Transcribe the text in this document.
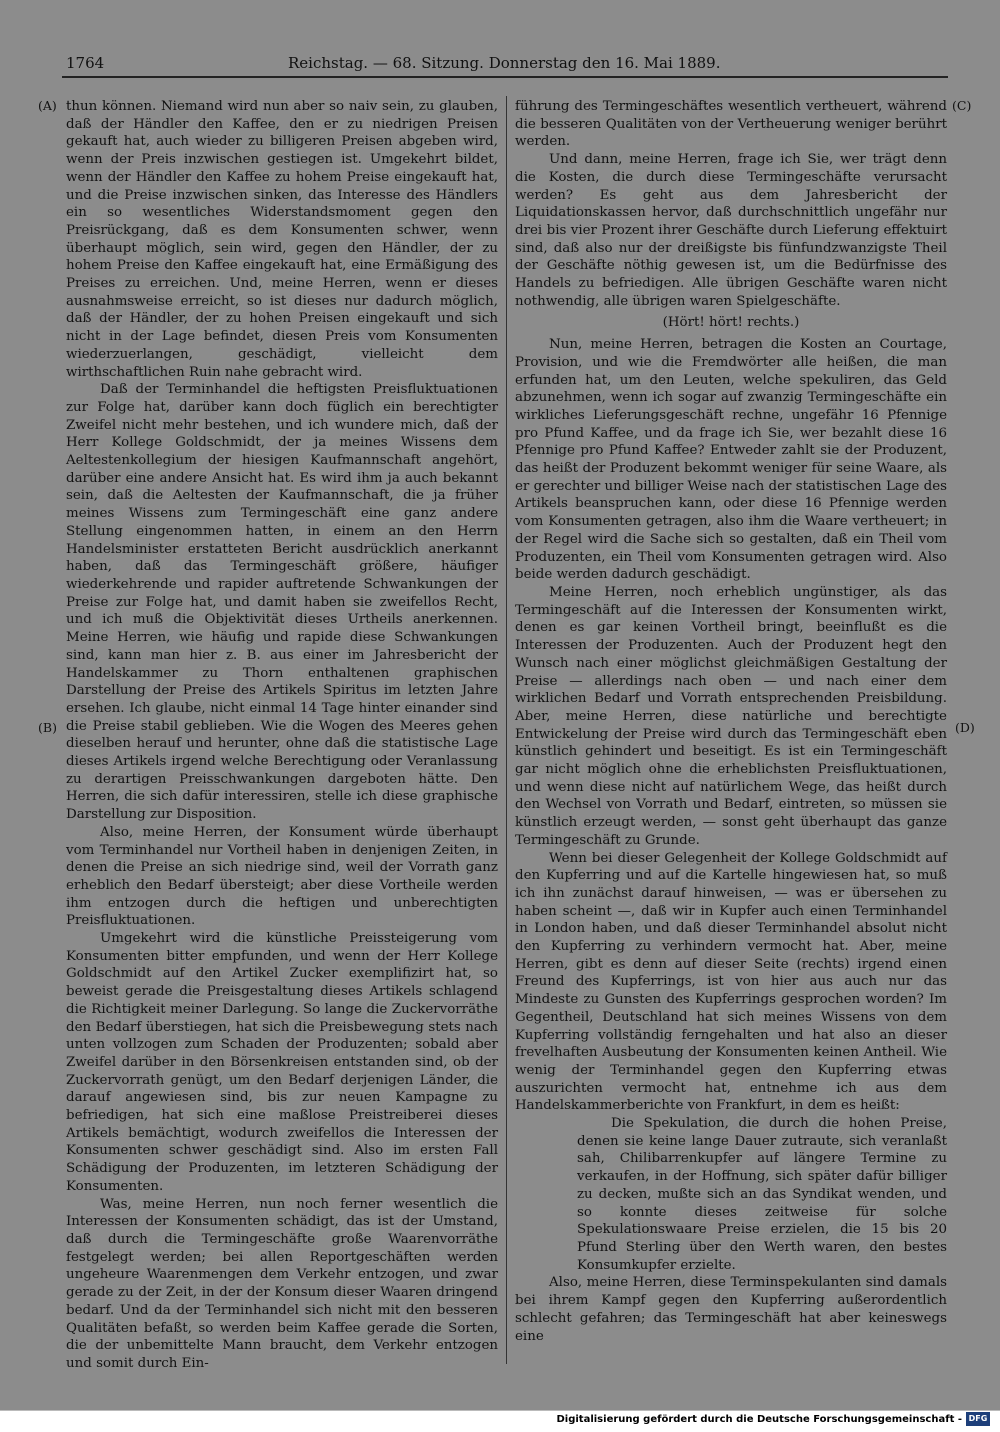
1764	Reichstag. — 68. Sitzung. Donnerstag den 16. Mai 1889.
(A)
(B)
(C)
(D)

thun können. Niemand wird nun aber so naiv sein, zu glauben, daß der Händler den Kaffee, den er zu niedrigen Preisen gekauft hat, auch wieder zu billigeren Preisen abgeben wird, wenn der Preis inzwischen gestiegen ist. Umgekehrt bildet, wenn der Händler den Kaffee zu hohem Preise eingekauft hat, und die Preise inzwischen sinken, das Interesse des Händlers ein so wesentliches Widerstandsmoment gegen den Preisrückgang, daß es dem Konsumenten schwer, wenn überhaupt möglich, sein wird, gegen den Händler, der zu hohem Preise den Kaffee eingekauft hat, eine Ermäßigung des Preises zu erreichen. Und, meine Herren, wenn er dieses ausnahmsweise erreicht, so ist dieses nur dadurch möglich, daß der Händler, der zu hohen Preisen eingekauft und sich nicht in der Lage befindet, diesen Preis vom Konsumenten wiederzuerlangen, geschädigt, vielleicht dem wirthschaftlichen Ruin nahe gebracht wird.

Daß der Terminhandel die heftigsten Preisfluktuationen zur Folge hat, darüber kann doch füglich ein berechtigter Zweifel nicht mehr bestehen, und ich wundere mich, daß der Herr Kollege Goldschmidt, der ja meines Wissens dem Aeltestenkollegium der hiesigen Kaufmannschaft angehört, darüber eine andere Ansicht hat. Es wird ihm ja auch bekannt sein, daß die Aeltesten der Kaufmannschaft, die ja früher meines Wissens zum Termingeschäft eine ganz andere Stellung eingenommen hatten, in einem an den Herrn Handelsminister erstatteten Bericht ausdrücklich anerkannt haben, daß das Termingeschäft größere, häufiger wiederkehrende und rapider auftretende Schwankungen der Preise zur Folge hat, und damit haben sie zweifellos Recht, und ich muß die Objektivität dieses Urtheils anerkennen. Meine Herren, wie häufig und rapide diese Schwankungen sind, kann man hier z. B. aus einer im Jahresbericht der Handelskammer zu Thorn enthaltenen graphischen Darstellung der Preise des Artikels Spiritus im letzten Jahre ersehen. Ich glaube, nicht einmal 14 Tage hinter einander sind die Preise stabil geblieben. Wie die Wogen des Meeres gehen dieselben herauf und herunter, ohne daß die statistische Lage dieses Artikels irgend welche Berechtigung oder Veranlassung zu derartigen Preisschwankungen dargeboten hätte. Den Herren, die sich dafür interessiren, stelle ich diese graphische Darstellung zur Disposition.

Also, meine Herren, der Konsument würde überhaupt vom Terminhandel nur Vortheil haben in denjenigen Zeiten, in denen die Preise an sich niedrige sind, weil der Vorrath ganz erheblich den Bedarf übersteigt; aber diese Vortheile werden ihm entzogen durch die heftigen und unberechtigten Preisfluktuationen.

Umgekehrt wird die künstliche Preissteigerung vom Konsumenten bitter empfunden, und wenn der Herr Kollege Goldschmidt auf den Artikel Zucker exemplifizirt hat, so beweist gerade die Preisgestaltung dieses Artikels schlagend die Richtigkeit meiner Darlegung. So lange die Zuckervorräthe den Bedarf überstiegen, hat sich die Preisbewegung stets nach unten vollzogen zum Schaden der Produzenten; sobald aber Zweifel darüber in den Börsenkreisen entstanden sind, ob der Zuckervorrath genügt, um den Bedarf derjenigen Länder, die darauf angewiesen sind, bis zur neuen Kampagne zu befriedigen, hat sich eine maßlose Preistreiberei dieses Artikels bemächtigt, wodurch zweifellos die Interessen der Konsumenten schwer geschädigt sind. Also im ersten Fall Schädigung der Produzenten, im letzteren Schädigung der Konsumenten.

Was, meine Herren, nun noch ferner wesentlich die Interessen der Konsumenten schädigt, das ist der Umstand, daß durch die Termingeschäfte große Waarenvorräthe festgelegt werden; bei allen Reportgeschäften werden ungeheure Waarenmengen dem Verkehr entzogen, und zwar gerade zu der Zeit, in der der Konsum dieser Waaren dringend bedarf. Und da der Terminhandel sich nicht mit den besseren Qualitäten befaßt, so werden beim Kaffee gerade die Sorten, die der unbemittelte Mann braucht, dem Verkehr entzogen und somit durch Ein-

führung des Termingeschäftes wesentlich vertheuert, während die besseren Qualitäten von der Vertheuerung weniger berührt werden.

Und dann, meine Herren, frage ich Sie, wer trägt denn die Kosten, die durch diese Termingeschäfte verursacht werden? Es geht aus dem Jahresbericht der Liquidationskassen hervor, daß durchschnittlich ungefähr nur drei bis vier Prozent ihrer Geschäfte durch Lieferung effektuirt sind, daß also nur der dreißigste bis fünfundzwanzigste Theil der Geschäfte nöthig gewesen ist, um die Bedürfnisse des Handels zu befriedigen. Alle übrigen Geschäfte waren nicht nothwendig, alle übrigen waren Spielgeschäfte.

(Hört! hört! rechts.)

Nun, meine Herren, betragen die Kosten an Courtage, Provision, und wie die Fremdwörter alle heißen, die man erfunden hat, um den Leuten, welche spekuliren, das Geld abzunehmen, wenn ich sogar auf zwanzig Termingeschäfte ein wirkliches Lieferungsgeschäft rechne, ungefähr 16 Pfennige pro Pfund Kaffee, und da frage ich Sie, wer bezahlt diese 16 Pfennige pro Pfund Kaffee? Entweder zahlt sie der Produzent, das heißt der Produzent bekommt weniger für seine Waare, als er gerechter und billiger Weise nach der statistischen Lage des Artikels beanspruchen kann, oder diese 16 Pfennige werden vom Konsumenten getragen, also ihm die Waare vertheuert; in der Regel wird die Sache sich so gestalten, daß ein Theil vom Produzenten, ein Theil vom Konsumenten getragen wird. Also beide werden dadurch geschädigt.

Meine Herren, noch erheblich ungünstiger, als das Termingeschäft auf die Interessen der Konsumenten wirkt, denen es gar keinen Vortheil bringt, beeinflußt es die Interessen der Produzenten. Auch der Produzent hegt den Wunsch nach einer möglichst gleichmäßigen Gestaltung der Preise — allerdings nach oben — und nach einer dem wirklichen Bedarf und Vorrath entsprechenden Preisbildung. Aber, meine Herren, diese natürliche und berechtigte Entwickelung der Preise wird durch das Termingeschäft eben künstlich gehindert und beseitigt. Es ist ein Termingeschäft gar nicht möglich ohne die erheblichsten Preisfluktuationen, und wenn diese nicht auf natürlichem Wege, das heißt durch den Wechsel von Vorrath und Bedarf, eintreten, so müssen sie künstlich erzeugt werden, — sonst geht überhaupt das ganze Termingeschäft zu Grunde.

Wenn bei dieser Gelegenheit der Kollege Goldschmidt auf den Kupferring und auf die Kartelle hingewiesen hat, so muß ich ihn zunächst darauf hinweisen, — was er übersehen zu haben scheint —, daß wir in Kupfer auch einen Terminhandel in London haben, und daß dieser Terminhandel absolut nicht den Kupferring zu verhindern vermocht hat. Aber, meine Herren, gibt es denn auf dieser Seite (rechts) irgend einen Freund des Kupferrings, ist von hier aus auch nur das Mindeste zu Gunsten des Kupferrings gesprochen worden? Im Gegentheil, Deutschland hat sich meines Wissens von dem Kupferring vollständig ferngehalten und hat also an dieser frevelhaften Ausbeutung der Konsumenten keinen Antheil. Wie wenig der Terminhandel gegen den Kupferring etwas auszurichten vermocht hat, entnehme ich aus dem Handelskammerberichte von Frankfurt, in dem es heißt:

Die Spekulation, die durch die hohen Preise, denen sie keine lange Dauer zutraute, sich veranlaßt sah, Chilibarrenkupfer auf längere Termine zu verkaufen, in der Hoffnung, sich später dafür billiger zu decken, mußte sich an das Syndikat wenden, und so konnte dieses zeitweise für solche Spekulationswaare Preise erzielen, die 15 bis 20 Pfund Sterling über den Werth waren, den bestes Konsumkupfer erzielte.

Also, meine Herren, diese Terminspekulanten sind damals bei ihrem Kampf gegen den Kupferring außerordentlich schlecht gefahren; das Termingeschäft hat aber keineswegs eine

Digitalisierung gefördert durch die Deutsche Forschungsgemeinschaft - DFG
